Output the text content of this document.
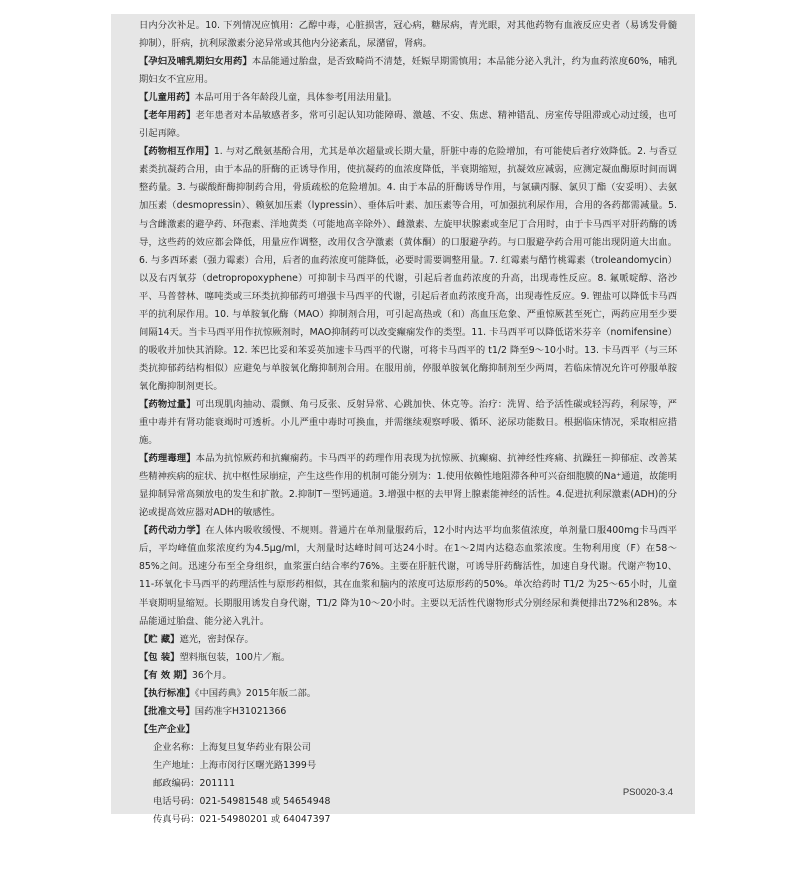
日内分次补足。10. 下列情况应慎用：乙醇中毒，心脏损害，冠心病，糖尿病，青光眼，对其他药物有血液反应史者（易诱发骨髓抑制），肝病，抗利尿激素分泌异常或其他内分泌紊乱，尿潴留，肾病。

【孕妇及哺乳期妇女用药】本品能通过胎盘，是否致畸尚不清楚，妊娠早期需慎用；本品能分泌入乳汁，约为血药浓度60%，哺乳期妇女不宜应用。

【儿童用药】本品可用于各年龄段儿童，具体参考[用法用量]。

【老年用药】老年患者对本品敏感者多，常可引起认知功能障碍、激越、不安、焦虑、精神错乱、房室传导阻滞或心动过缓，也可引起再障。

【药物相互作用】1. 与对乙酰氨基酚合用，尤其是单次超量或长期大量，肝脏中毒的危险增加，有可能使后者疗效降低。2. 与香豆素类抗凝药合用，由于本品的肝酶的正诱导作用，使抗凝药的血浓度降低，半衰期缩短，抗凝效应减弱，应测定凝血酶原时间而调整药量。3. 与碳酸酐酶抑制药合用，骨质疏松的危险增加。4. 由于本品的肝酶诱导作用，与氯磺丙脲、氯贝丁酯（安妥明）、去氨加压素（desmopressin）、赖氨加压素（lypressin）、垂体后叶素、加压素等合用，可加强抗利尿作用，合用的各药都需减量。5. 与含雌激素的避孕药、环孢素、洋地黄类（可能地高辛除外）、雌激素、左旋甲状腺素或奎尼丁合用时，由于卡马西平对肝药酶的诱导，这些药的效应都会降低，用量应作调整，改用仅含孕激素（黄体酮）的口服避孕药。与口服避孕药合用可能出现阴道大出血。6. 与多西环素（强力霉素）合用，后者的血药浓度可能降低，必要时需要调整用量。7. 红霉素与醋竹桃霉素（troleandomycin）以及右丙氧芬（detropropoxyphene）可抑制卡马西平的代谢，引起后者血药浓度的升高，出现毒性反应。8. 氟哌啶醇、洛沙平、马普替林、噻吨类或三环类抗抑郁药可增强卡马西平的代谢，引起后者血药浓度升高，出现毒性反应。9. 锂盐可以降低卡马西平的抗利尿作用。10. 与单胺氧化酶（MAO）抑制剂合用，可引起高热或（和）高血压危象、严重惊厥甚至死亡，两药应用至少要间隔14天。当卡马西平用作抗惊厥剂时，MAO抑制药可以改变癫痫发作的类型。11. 卡马西平可以降低诺米芬辛（nomifensine）的吸收并加快其消除。12. 苯巴比妥和苯妥英加速卡马西平的代谢，可将卡马西平的 t1/2 降至9～10小时。13. 卡马西平（与三环类抗抑郁药结构相似）应避免与单胺氧化酶抑制剂合用。在服用前，停服单胺氧化酶抑制剂至少两周，若临床情况允许可停服单胺氧化酶抑制剂更长。

【药物过量】可出现肌肉抽动、震颤、角弓反张、反射异常、心跳加快、休克等。治疗：洗胃、给予活性碳或轻泻药，利尿等，严重中毒并有肾功能衰竭时可透析。小儿严重中毒时可换血，并需继续观察呼吸、循环、泌尿功能数日。根据临床情况，采取相应措施。

【药理毒理】本品为抗惊厥药和抗癫痫药。卡马西平的药理作用表现为抗惊厥、抗癫痫、抗神经性疼痛、抗躁狂－抑郁症、改善某些精神疾病的症状、抗中枢性尿崩症，产生这些作用的机制可能分别为：1.使用依赖性地阻滞各种可兴奋细胞膜的Na⁺通道，故能明显抑制异常高频放电的发生和扩散。2.抑制T－型钙通道。3.增强中枢的去甲肾上腺素能神经的活性。4.促进抗利尿激素(ADH)的分泌或提高效应器对ADH的敏感性。

【药代动力学】在人体内吸收缓慢、不规则。普通片在单剂量服药后，12小时内达平均血浆值浓度，单剂量口服400mg卡马西平后，平均峰值血浆浓度约为4.5μg/ml，大剂量时达峰时间可达24小时。在1～2周内达稳态血浆浓度。生物利用度（F）在58～85%之间。迅速分布至全身组织，血浆蛋白结合率约76%。主要在肝脏代谢，可诱导肝药酶活性，加速自身代谢。代谢产物10、11-环氧化卡马西平的药理活性与原形药相似，其在血浆和脑内的浓度可达原形药的50%。单次给药时 T1/2 为25～65小时，儿童半衰期明显缩短。长期服用诱发自身代谢，T1/2 降为10～20小时。主要以无活性代谢物形式分别经尿和粪便排出72%和28%。本品能通过胎盘、能分泌入乳汁。

【贮 藏】遮光，密封保存。

【包 装】塑料瓶包装，100片／瓶。

【有 效 期】36个月。

【执行标准】《中国药典》2015年版二部。

【批准文号】国药准字H31021366

【生产企业】

企业名称：上海复旦复华药业有限公司
生产地址：上海市闵行区曙光路1399号
邮政编码：201111
电话号码：021-54981548 或 54654948
传真号码：021-54980201 或 64047397
PS0020-3.4
